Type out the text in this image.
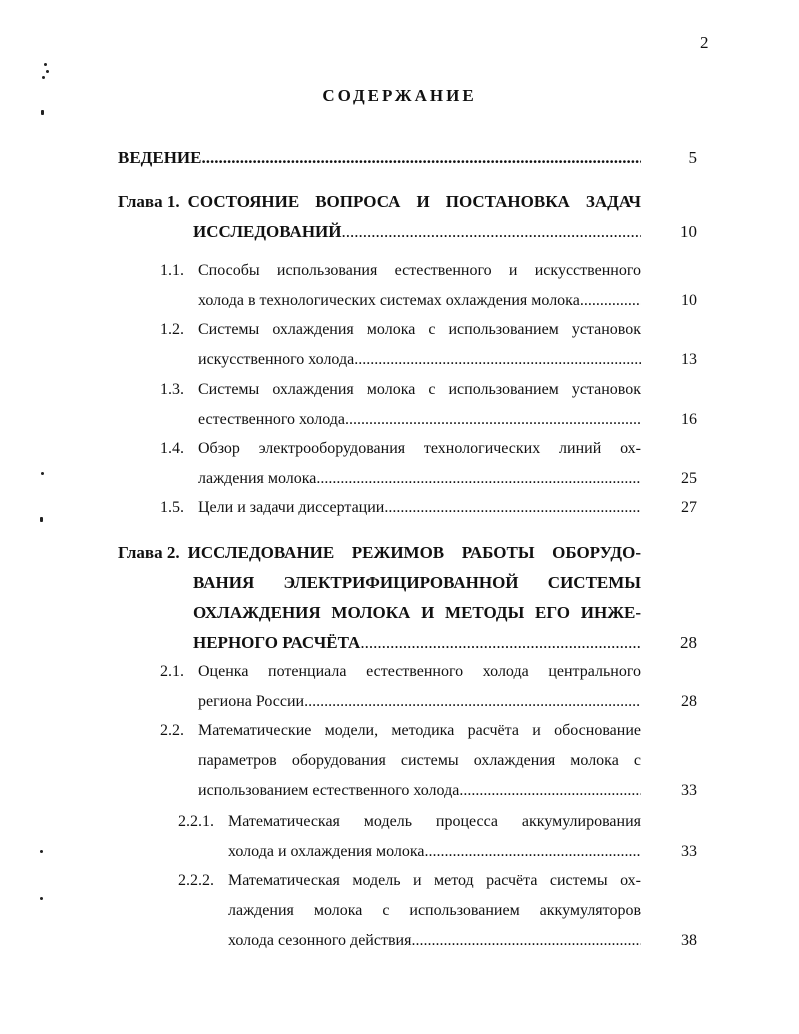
2
СОДЕРЖАНИЕ
ВЕДЕНИЕ .....	5
Глава 1. СОСТОЯНИЕ ВОПРОСА И ПОСТАНОВКА ЗАДАЧ
ИССЛЕДОВАНИЙ .....	10
1.1. Способы использования естественного и искусственного
холода в технологических системах охлаждения молока .....	10
1.2. Системы охлаждения молока с использованием установок
искусственного холода .....	13
1.3. Системы охлаждения молока с использованием установок
естественного холода .....	16
1.4. Обзор электрооборудования технологических линий ох-
лаждения молока .....	25
1.5. Цели и задачи диссертации .....	27
Глава 2. ИССЛЕДОВАНИЕ РЕЖИМОВ РАБОТЫ ОБОРУДО-
ВАНИЯ ЭЛЕКТРИФИЦИРОВАННОЙ СИСТЕМЫ
ОХЛАЖДЕНИЯ МОЛОКА И МЕТОДЫ ЕГО ИНЖЕ-
НЕРНОГО РАСЧЁТА .....	28
2.1. Оценка потенциала естественного холода центрального
региона России .....	28
2.2. Математические модели, методика расчёта и обоснование
параметров оборудования системы охлаждения молока с
использованием естественного холода .....	33
2.2.1. Математическая модель процесса аккумулирования
холода и охлаждения молока .....	33
2.2.2. Математическая модель и метод расчёта системы ох-
лаждения молока с использованием аккумуляторов
холода сезонного действия .....	38
